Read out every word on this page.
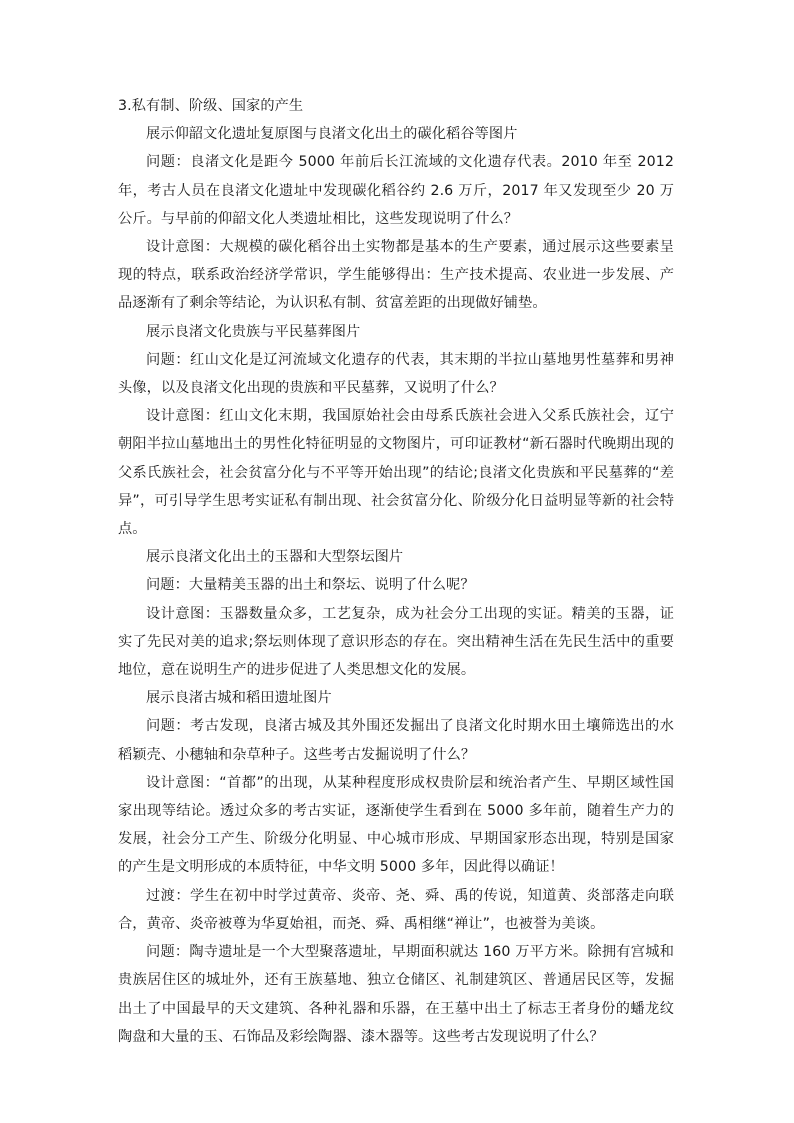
3.私有制、阶级、国家的产生

展示仰韶文化遗址复原图与良渚文化出土的碳化稻谷等图片

问题：良渚文化是距今 5000 年前后长江流域的文化遗存代表。2010 年至 2012 年，考古人员在良渚文化遗址中发现碳化稻谷约 2.6 万斤，2017 年又发现至少 20 万公斤。与早前的仰韶文化人类遗址相比，这些发现说明了什么？

设计意图：大规模的碳化稻谷出土实物都是基本的生产要素，通过展示这些要素呈现的特点，联系政治经济学常识，学生能够得出：生产技术提高、农业进一步发展、产品逐渐有了剩余等结论，为认识私有制、贫富差距的出现做好铺垫。

展示良渚文化贵族与平民墓葬图片

问题：红山文化是辽河流域文化遗存的代表，其末期的半拉山墓地男性墓葬和男神头像，以及良渚文化出现的贵族和平民墓葬，又说明了什么？

设计意图：红山文化末期，我国原始社会由母系氏族社会进入父系氏族社会，辽宁朝阳半拉山墓地出土的男性化特征明显的文物图片，可印证教材“新石器时代晚期出现的父系氏族社会，社会贫富分化与不平等开始出现”的结论;良渚文化贵族和平民墓葬的“差异”，可引导学生思考实证私有制出现、社会贫富分化、阶级分化日益明显等新的社会特点。

展示良渚文化出土的玉器和大型祭坛图片

问题：大量精美玉器的出土和祭坛、说明了什么呢？

设计意图：玉器数量众多，工艺复杂，成为社会分工出现的实证。精美的玉器，证实了先民对美的追求;祭坛则体现了意识形态的存在。突出精神生活在先民生活中的重要地位，意在说明生产的进步促进了人类思想文化的发展。

展示良渚古城和稻田遗址图片

问题：考古发现，良渚古城及其外围还发掘出了良渚文化时期水田土壤筛选出的水稻颖壳、小穗轴和杂草种子。这些考古发掘说明了什么？

设计意图：“首都”的出现，从某种程度形成权贵阶层和统治者产生、早期区域性国家出现等结论。透过众多的考古实证，逐渐使学生看到在 5000 多年前，随着生产力的发展，社会分工产生、阶级分化明显、中心城市形成、早期国家形态出现，特别是国家的产生是文明形成的本质特征，中华文明 5000 多年，因此得以确证！

过渡：学生在初中时学过黄帝、炎帝、尧、舜、禹的传说，知道黄、炎部落走向联合，黄帝、炎帝被尊为华夏始祖，而尧、舜、禹相继“禅让”，也被誉为美谈。

问题：陶寺遗址是一个大型聚落遗址，早期面积就达 160 万平方米。除拥有宫城和贵族居住区的城址外，还有王族墓地、独立仓储区、礼制建筑区、普通居民区等，发掘出土了中国最早的天文建筑、各种礼器和乐器，在王墓中出土了标志王者身份的蟠龙纹陶盘和大量的玉、石饰品及彩绘陶器、漆木器等。这些考古发现说明了什么？
